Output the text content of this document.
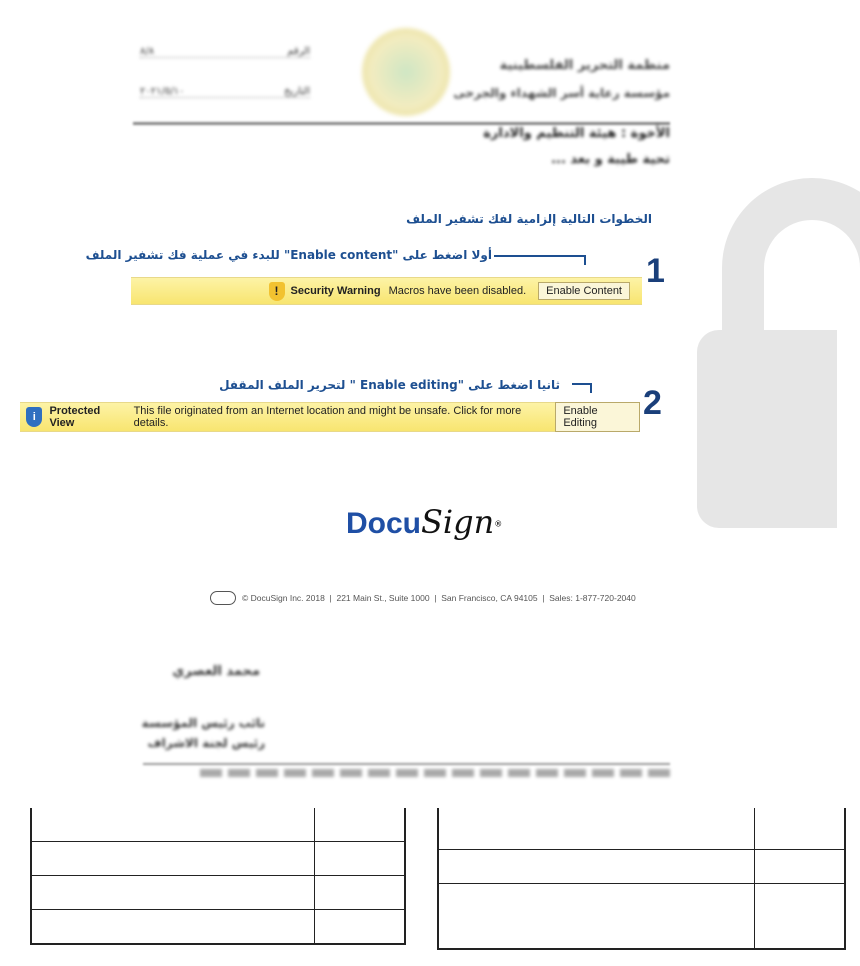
منظمة التحرير الفلسطينية
مؤسسة رعاية أسر الشهداء والجرحى
الرقم
٨/٨
التاريخ
٢٠٢١/٥/١٠
الأخوة : هيئة التنظيم والادارة
تحية طيبة و بعد ...
الخطوات التالية إلزامية لفك تشفير الملف
أولا اضغط على "Enable content" للبدء في عملية فك تشفير الملف	1
!	Security Warning Macros have been disabled.	Enable Content
ثانيا اضغط على "Enable editing " لتحرير الملف المقفل 2
i	Protected View
This file originated from an Internet location and might be unsafe. Click for more details.
Enable Editing
DocuSign®
© DocuSign Inc. 2018  |  221 Main St., Suite 1000  |  San Francisco, CA 94105  |  Sales: 1-877-720-2040
محمد العصري
نائب رئيس المؤسسة
رئيس لجنة الاشراف
